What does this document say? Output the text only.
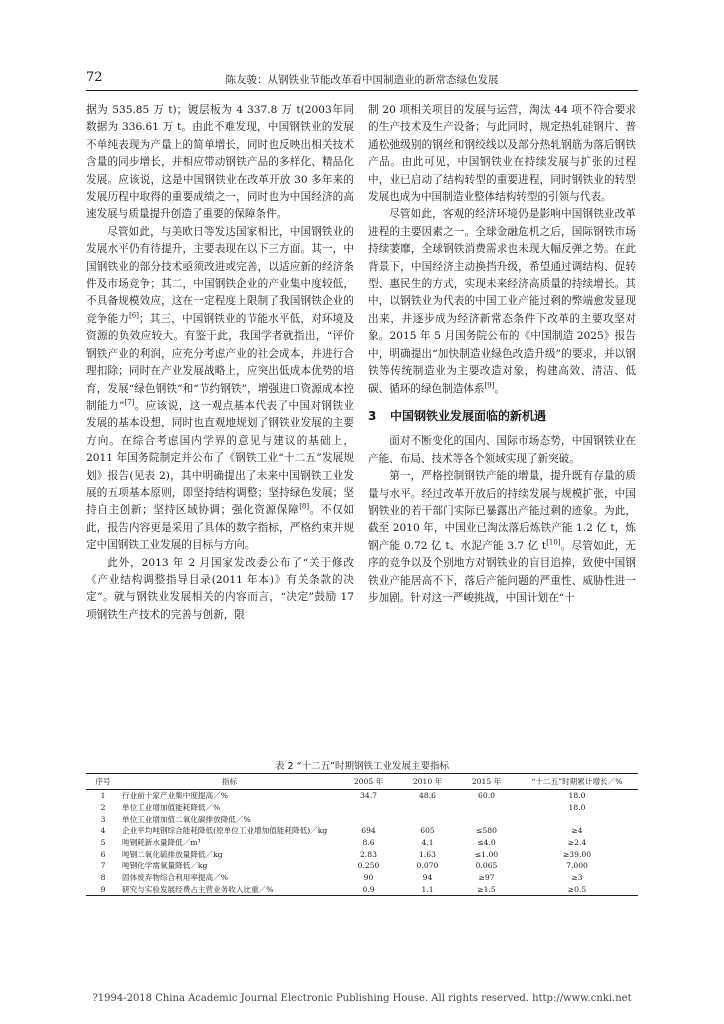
72	陈友骏：从钢铁业节能改革看中国制造业的新常态绿色发展

据为 535.85 万 t)；镀层板为 4 337.8 万 t(2003年同数据为 336.61 万 t。由此不难发现，中国钢铁业的发展不单纯表现为产量上的简单增长，同时也反映出相关技术含量的同步增长，并相应带动钢铁产品的多样化、精品化发展。应该说，这是中国钢铁业在改革开放 30 多年来的发展历程中取得的重要成绩之一，同时也为中国经济的高速发展与质量提升创造了重要的保障条件。

尽管如此，与美欧日等发达国家相比，中国钢铁业的发展水平仍有待提升，主要表现在以下三方面。其一，中国钢铁业的部分技术亟须改进或完善，以适应新的经济条件及市场竞争；其二，中国钢铁企业的产业集中度较低，不具备规模效应，这在一定程度上限制了我国钢铁企业的竞争能力[6]；其三，中国钢铁业的节能水平低，对环境及资源的负效应较大。有鉴于此，我国学者就指出，“评价钢铁产业的利润，应充分考虑产业的社会成本，并进行合理扣除；同时在产业发展战略上，应突出低成本优势的培育，发展“绿色钢铁”和“节约钢铁”，增强进口资源成本控制能力”[7]。应该说，这一观点基本代表了中国对钢铁业发展的基本设想，同时也直观地规划了钢铁业发展的主要方向。在综合考虑国内学界的意见与建议的基础上，2011 年国务院制定并公布了《钢铁工业“十二五”发展规划》报告(见表 2)，其中明确提出了未来中国钢铁工业发展的五项基本原则，即坚持结构调整；坚持绿色发展；坚持自主创新；坚持区域协调；强化资源保障[8]。不仅如此，报告内容更是采用了具体的数字指标，严格约束并规定中国钢铁工业发展的目标与方向。

此外，2013 年 2 月国家发改委公布了“关于修改《产业结构调整指导目录(2011 年本)》有关条款的决定”。就与钢铁业发展相关的内容而言，“决定”鼓励 17 项钢铁生产技术的完善与创新，限

制 20 项相关项目的发展与运营，淘汰 44 项不符合要求的生产技术及生产设备；与此同时，规定热轧硅钢片、普通松弛级别的钢丝和钢绞线以及部分热轧钢筋为落后钢铁产品。由此可见，中国钢铁业在持续发展与扩张的过程中，业已启动了结构转型的重要进程，同时钢铁业的转型发展也成为中国制造业整体结构转型的引领与代表。

尽管如此，客观的经济环境仍是影响中国钢铁业改革进程的主要因素之一。全球金融危机之后，国际钢铁市场持续萎靡，全球钢铁消费需求也未现大幅反弹之势。在此背景下，中国经济主动换挡升级，希望通过调结构、促转型、惠民生的方式，实现未来经济高质量的持续增长。其中，以钢铁业为代表的中国工业产能过剩的弊端愈发显现出来，并逐步成为经济新常态条件下改革的主要攻坚对象。2015 年 5 月国务院公布的《中国制造 2025》报告中，明确提出“加快制造业绿色改造升级”的要求，并以钢铁等传统制造业为主要改造对象，构建高效、清洁、低碳、循环的绿色制造体系[9]。

3 中国钢铁业发展面临的新机遇

面对不断变化的国内、国际市场态势，中国钢铁业在产能、布局、技术等各个领域实现了新突破。

第一，严格控制钢铁产能的增量，提升既有存量的质量与水平。经过改革开放后的持续发展与规模扩张，中国钢铁业的若干部门实际已暴露出产能过剩的迹象。为此，截至 2010 年，中国业已淘汰落后炼铁产能 1.2 亿 t，炼钢产能 0.72 亿 t、水泥产能 3.7 亿 t[10]。尽管如此，无序的竞争以及个别地方对钢铁业的盲目追捧，致使中国钢铁业产能居高不下，落后产能问题的严重性、威胁性进一步加剧。针对这一严峻挑战，中国计划在“十

表 2 “十二五”时期钢铁工业发展主要指标
序号	指标	2005 年	2010 年	2015 年	“十二五”时期累计增长／%
1	行业前十家产业集中度提高／%	34.7	48.6	60.0	18.0
2	单位工业增加值能耗降低／%				18.0
3	单位工业增加值二氧化碳排放降低／%				
4	企业平均吨钢综合能耗降低(原单位工业增加值能耗降低)／kg	694	605	≤580	≥4
5	吨钢耗新水量降低／m³	8.6	4.1	≤4.0	≥2.4
6	吨钢二氧化硫排放量降低／kg	2.83	1.63	≤1.00	≥39.00
7	吨钢化学需氧量降低／kg	0.250	0.070	0.065	7.000
8	固体废弃物综合利用率提高／%	90	94	≥97	≥3
9	研究与实验发展经费占主营业务收入比重／%	0.9	1.1	≥1.5	≥0.5
?1994-2018 China Academic Journal Electronic Publishing House. All rights reserved. http://www.cnki.net
